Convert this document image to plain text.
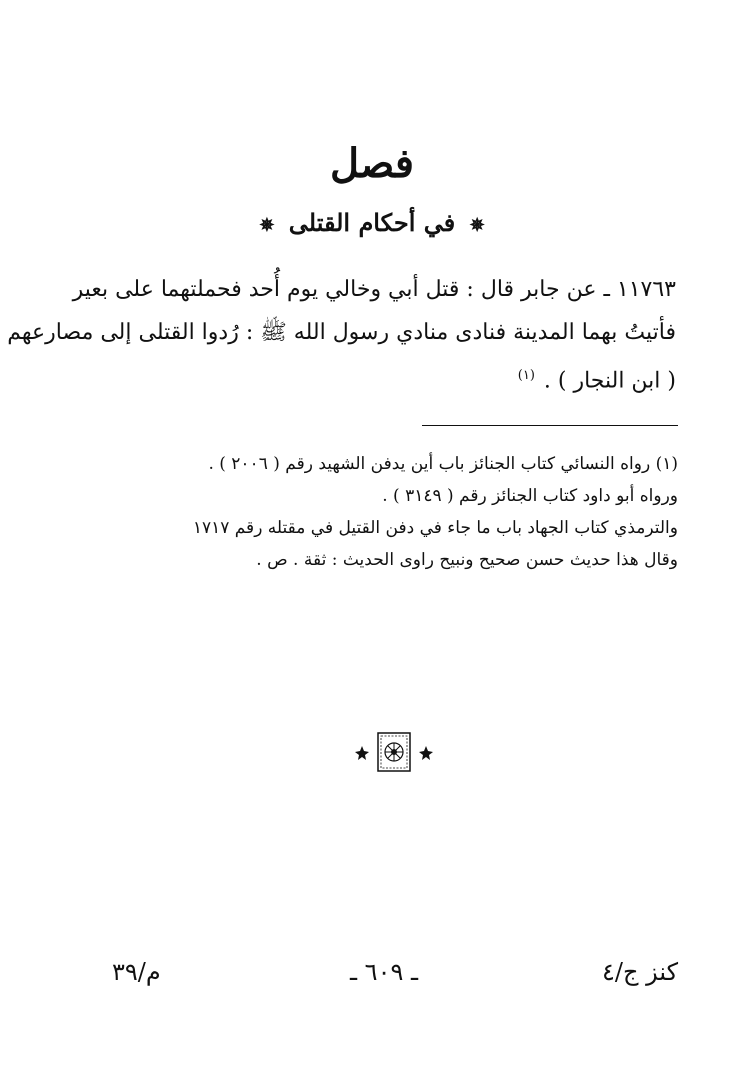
فصل
✵ في أحكام القتلى ✵
١١٧٦٣ ـ عن جابر قال : قتل أبي وخالي يوم أُحد فحملتهما على بعير
فأتيتُ بهما المدينة فنادى منادي رسول الله ﷺ : رُدوا القتلى إلى مصارعهم
( ابن النجار ) . $^{(١)}$
(١) رواه النسائي كتاب الجنائز باب أين يدفن الشهيد رقم ( ٢٠٠٦ ) .
ورواه أبو داود كتاب الجنائز رقم ( ٣١٤٩ ) .
والترمذي كتاب الجهاد باب ما جاء في دفن القتيل في مقتله رقم ١٧١٧
وقال هذا حديث حسن صحيح ونبيح راوى الحديث : ثقة . ص .
كنز ج/٤
ـ ٦٠٩ ـ
م/٣٩
